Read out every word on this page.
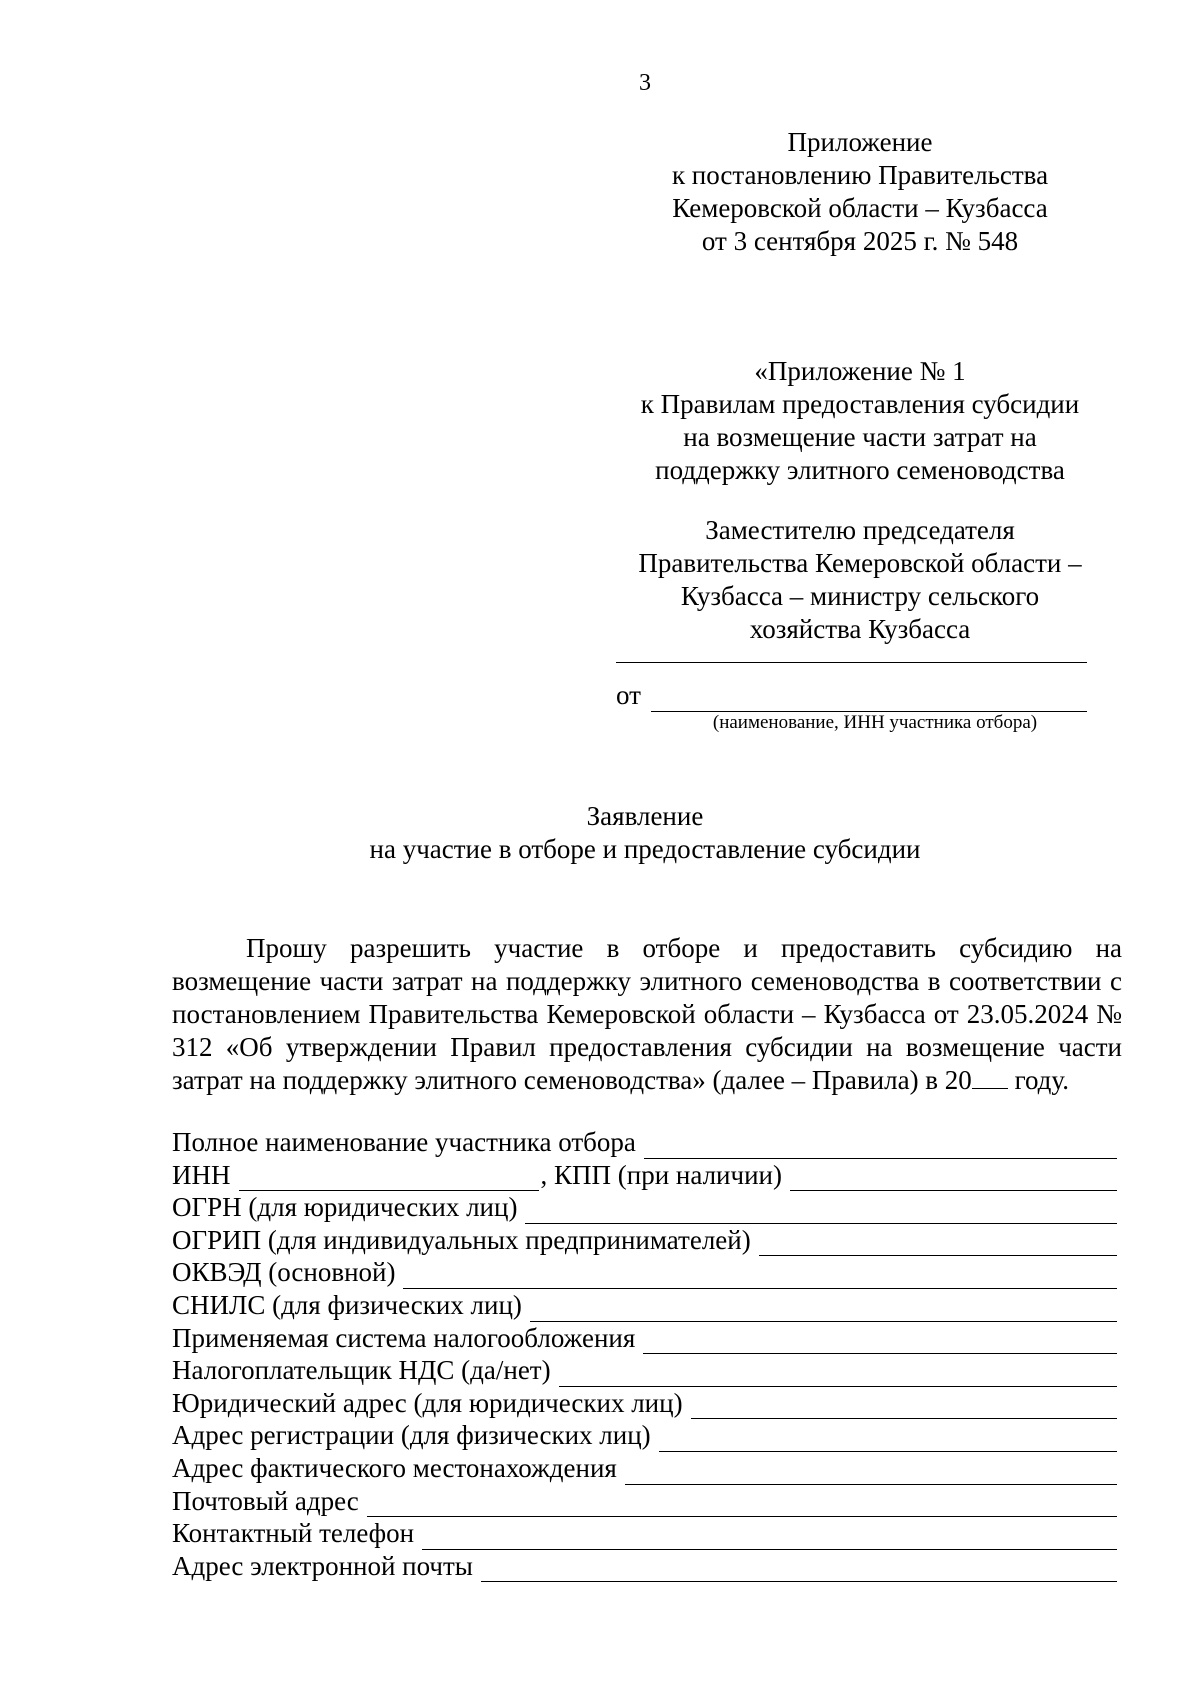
3
Приложение
к постановлению Правительства
Кемеровской области – Кузбасса
от 3 сентября 2025 г. № 548
«Приложение № 1
к Правилам предоставления субсидии
на возмещение части затрат на
поддержку элитного семеноводства
Заместителю председателя
Правительства Кемеровской области –
Кузбасса – министру сельского
хозяйства Кузбасса
от
(наименование, ИНН участника отбора)
Заявление
на участие в отборе и предоставление субсидии
Прошу разрешить участие в отборе и предоставить субсидию на возмещение части затрат на поддержку элитного семеноводства в соответствии с постановлением Правительства Кемеровской области – Кузбасса от 23.05.2024 № 312 «Об утверждении Правил предоставления субсидии на возмещение части затрат на поддержку элитного семеноводства» (далее – Правила) в 20 году.
Полное наименование участника отбора
ИНН	, КПП (при наличии)
ОГРН (для юридических лиц)
ОГРИП (для индивидуальных предпринимателей)
ОКВЭД (основной)
СНИЛС (для физических лиц)
Применяемая система налогообложения
Налогоплательщик НДС (да/нет)
Юридический адрес (для юридических лиц)
Адрес регистрации (для физических лиц)
Адрес фактического местонахождения
Почтовый адрес
Контактный телефон
Адрес электронной почты
